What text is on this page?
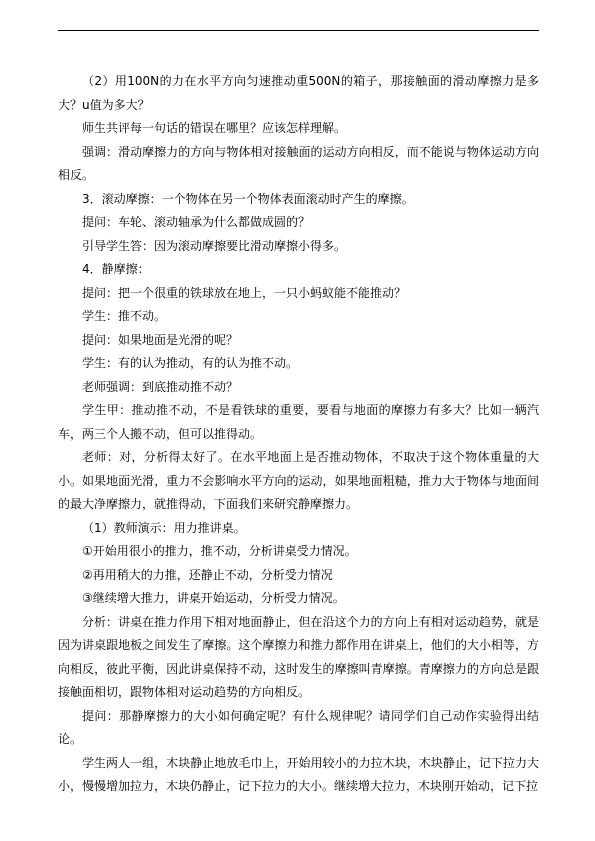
（2）用100N的力在水平方向匀速推动重500N的箱子，那接触面的滑动摩擦力是多大？u值为多大？

师生共评每一句话的错误在哪里？应该怎样理解。

强调：滑动摩擦力的方向与物体相对接触面的运动方向相反，而不能说与物体运动方向相反。

3．滚动摩擦：一个物体在另一个物体表面滚动时产生的摩擦。

提问：车轮、滚动轴承为什么都做成圆的？

引导学生答：因为滚动摩擦要比滑动摩擦小得多。

4．静摩擦：

提问：把一个很重的铁球放在地上，一只小蚂蚁能不能推动？

学生：推不动。

提问：如果地面是光滑的呢？

学生：有的认为推动，有的认为推不动。

老师强调：到底推动推不动？

学生甲：推动推不动，不是看铁球的重要，要看与地面的摩擦力有多大？比如一辆汽车，两三个人搬不动，但可以推得动。

老师：对，分析得太好了。在水平地面上是否推动物体，不取决于这个物体重量的大小。如果地面光滑，重力不会影响水平方向的运动，如果地面粗糙，推力大于物体与地面间的最大净摩擦力，就推得动，下面我们来研究静摩擦力。

（1）教师演示：用力推讲桌。

①开始用很小的推力，推不动，分析讲桌受力情况。

②再用稍大的力推，还静止不动，分析受力情况

③继续增大推力，讲桌开始运动，分析受力情况。

分析：讲桌在推力作用下相对地面静止，但在沿这个力的方向上有相对运动趋势，就是因为讲桌跟地板之间发生了摩擦。这个摩擦力和推力都作用在讲桌上，他们的大小相等，方向相反，彼此平衡，因此讲桌保持不动，这时发生的摩擦叫青摩擦。青摩擦力的方向总是跟接触面相切，跟物体相对运动趋势的方向相反。

提问：那静摩擦力的大小如何确定呢？有什么规律呢？请同学们自己动作实验得出结论。

学生两人一组，木块静止地放毛巾上，开始用较小的力拉木块，木块静止，记下拉力大小，慢慢增加拉力，木块仍静止，记下拉力的大小。继续增大拉力，木块刚开始动，记下拉
